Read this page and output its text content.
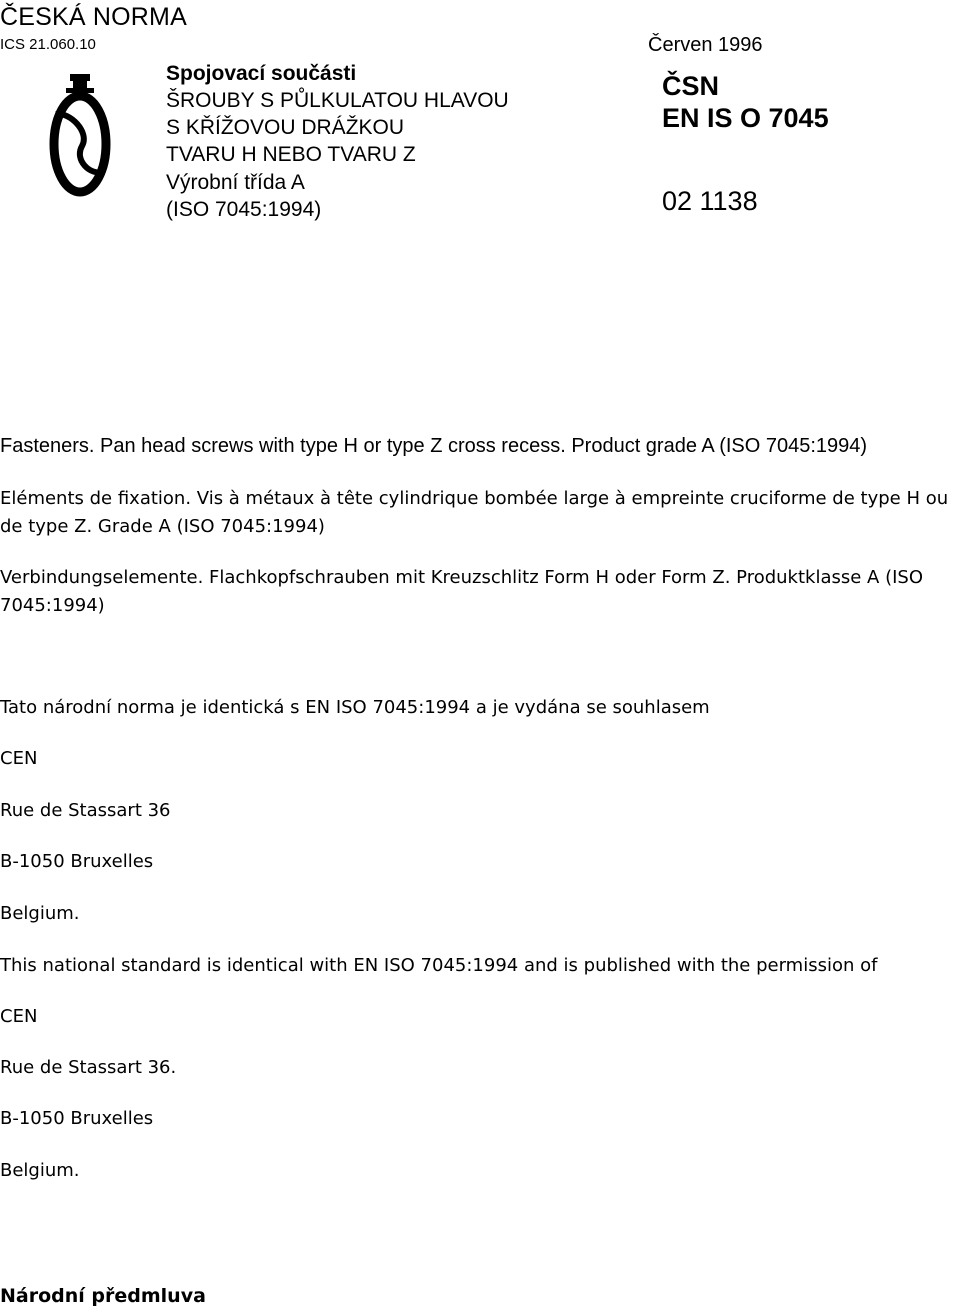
ČESKÁ NORMA
ICS 21.060.10	Červen 1996
Spojovací součásti
ŠROUBY S PŮLKULATOU HLAVOU
S KŘÍŽOVOU DRÁŽKOU
TVARU H NEBO TVARU Z
Výrobní třída A
(ISO 7045:1994)
ČSN
EN IS O 7045
02 1138
Fasteners. Pan head screws with type H or type Z cross recess. Product grade A (ISO 7045:1994)
Eléments de fixation. Vis à métaux à tête cylindrique bombée large à empreinte cruciforme de type H ou de type Z. Grade A (ISO 7045:1994)
Verbindungselemente. Flachkopfschrauben mit Kreuzschlitz Form H oder Form Z. Produktklasse A (ISO 7045:1994)
Tato národní norma je identická s EN ISO 7045:1994 a je vydána se souhlasem
CEN
Rue de Stassart 36
B-1050 Bruxelles
Belgium.
This national standard is identical with EN ISO 7045:1994 and is published with the permission of
CEN
Rue de Stassart 36.
B-1050 Bruxelles
Belgium.
Národní předmluva
